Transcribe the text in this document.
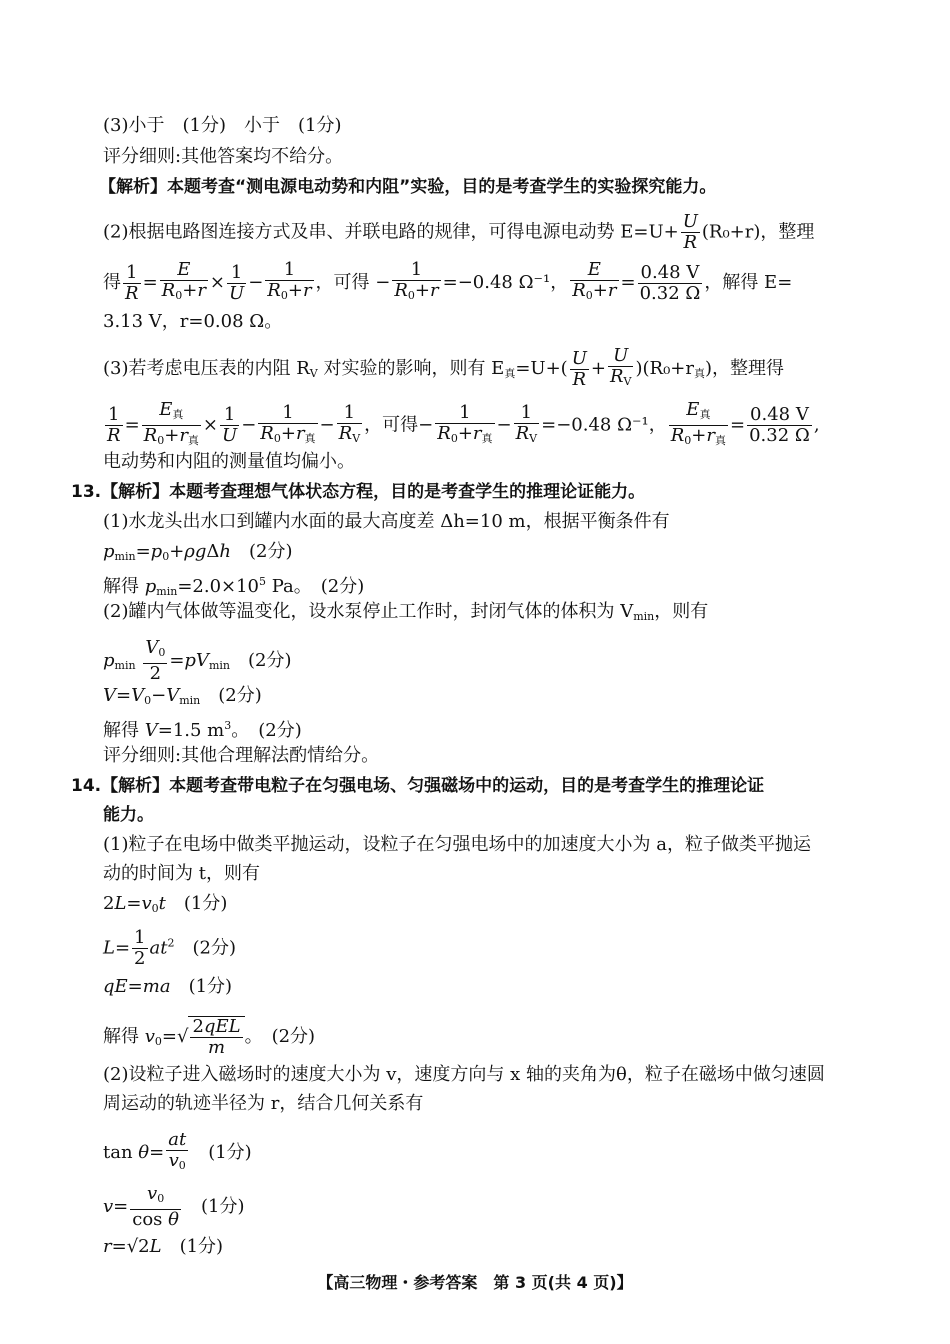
(3)小于　(1分)　小于　(1分)
评分细则:其他答案均不给分。
【解析】本题考查“测电源电动势和内阻”实验，目的是考查学生的实验探究能力。
(2)根据电路图连接方式及串、并联电路的规律，可得电源电动势 $E=U+ \frac{U}{R} (R_0+r)$，整理
得 $\frac{1}{R} = \frac{E}{R_0+r} \times \frac{1}{U} - \frac{1}{R_0+r}$ ，可得 − $\frac{1}{R_0+r} =-0.48$ Ω⁻¹， $\frac{E}{R_0+r} = \frac{0.48 V}{0.32 \Omega}$ ，解得 E=
3.13 V，r=0.08 Ω。
(3)若考虑电压表的内阻 $R_V$ 对实验的影响，则有 $E_真=U+( \frac{U}{R} + \frac{U}{R_V} )(R_0+r_真)$，整理得
$\frac{1}{R} = \frac{E_真}{R_0+r_真} \times \frac{1}{U} - \frac{1}{R_0+r_真} - \frac{1}{R_V}$ ，可得− $\frac{1}{R_0+r_真} - \frac{1}{R_V} =-0.48$ Ω⁻¹， $\frac{E_真}{R_0+r_真} = \frac{0.48 V}{0.32 \Omega}$ ,
电动势和内阻的测量值均偏小。
13.【解析】本题考查理想气体状态方程，目的是考查学生的推理论证能力。
(1)水龙头出水口到罐内水面的最大高度差 Δh=10 m，根据平衡条件有
$p_{min}=p_0+\rho g\Delta h$　 (2分)
解得 $p_{min}=2.0\times 10^5$ Pa。　(2分)
(2)罐内气体做等温变化，设水泵停止工作时，封闭气体的体积为 $V_{min}$，则有
$p_{min} \frac{V_0}{2} =pV_{min}$　 (2分)
$V=V_0-V_{min}$　 (2分)
解得 V=1.5 $m^3$。　(2分)
评分细则:其他合理解法酌情给分。
14.【解析】本题考查带电粒子在匀强电场、匀强磁场中的运动，目的是考查学生的推理论证
能力。
(1)粒子在电场中做类平抛运动，设粒子在匀强电场中的加速度大小为 a，粒子做类平抛运
动的时间为 t，则有
$2L=v_0t$　 (1分)
$L= \frac{1}{2} at^2$　 (2分)
qE=ma　 (1分)
解得 $v_0=√ \frac{\text{2qEL}}{m}$ 。　(2分)
(2)设粒子进入磁场时的速度大小为 v，速度方向与 x 轴的夹角为θ，粒子在磁场中做匀速圆
周运动的轨迹半径为 r，结合几何关系有
$\tan \theta= \frac{at}{v_0}$
　 (1分)
$v= \frac{v_0}{\text{cos θ}}$
　 (1分)
r=√2L　 (1分)
【高三物理・参考答案　第 3 页(共 4 页)】
